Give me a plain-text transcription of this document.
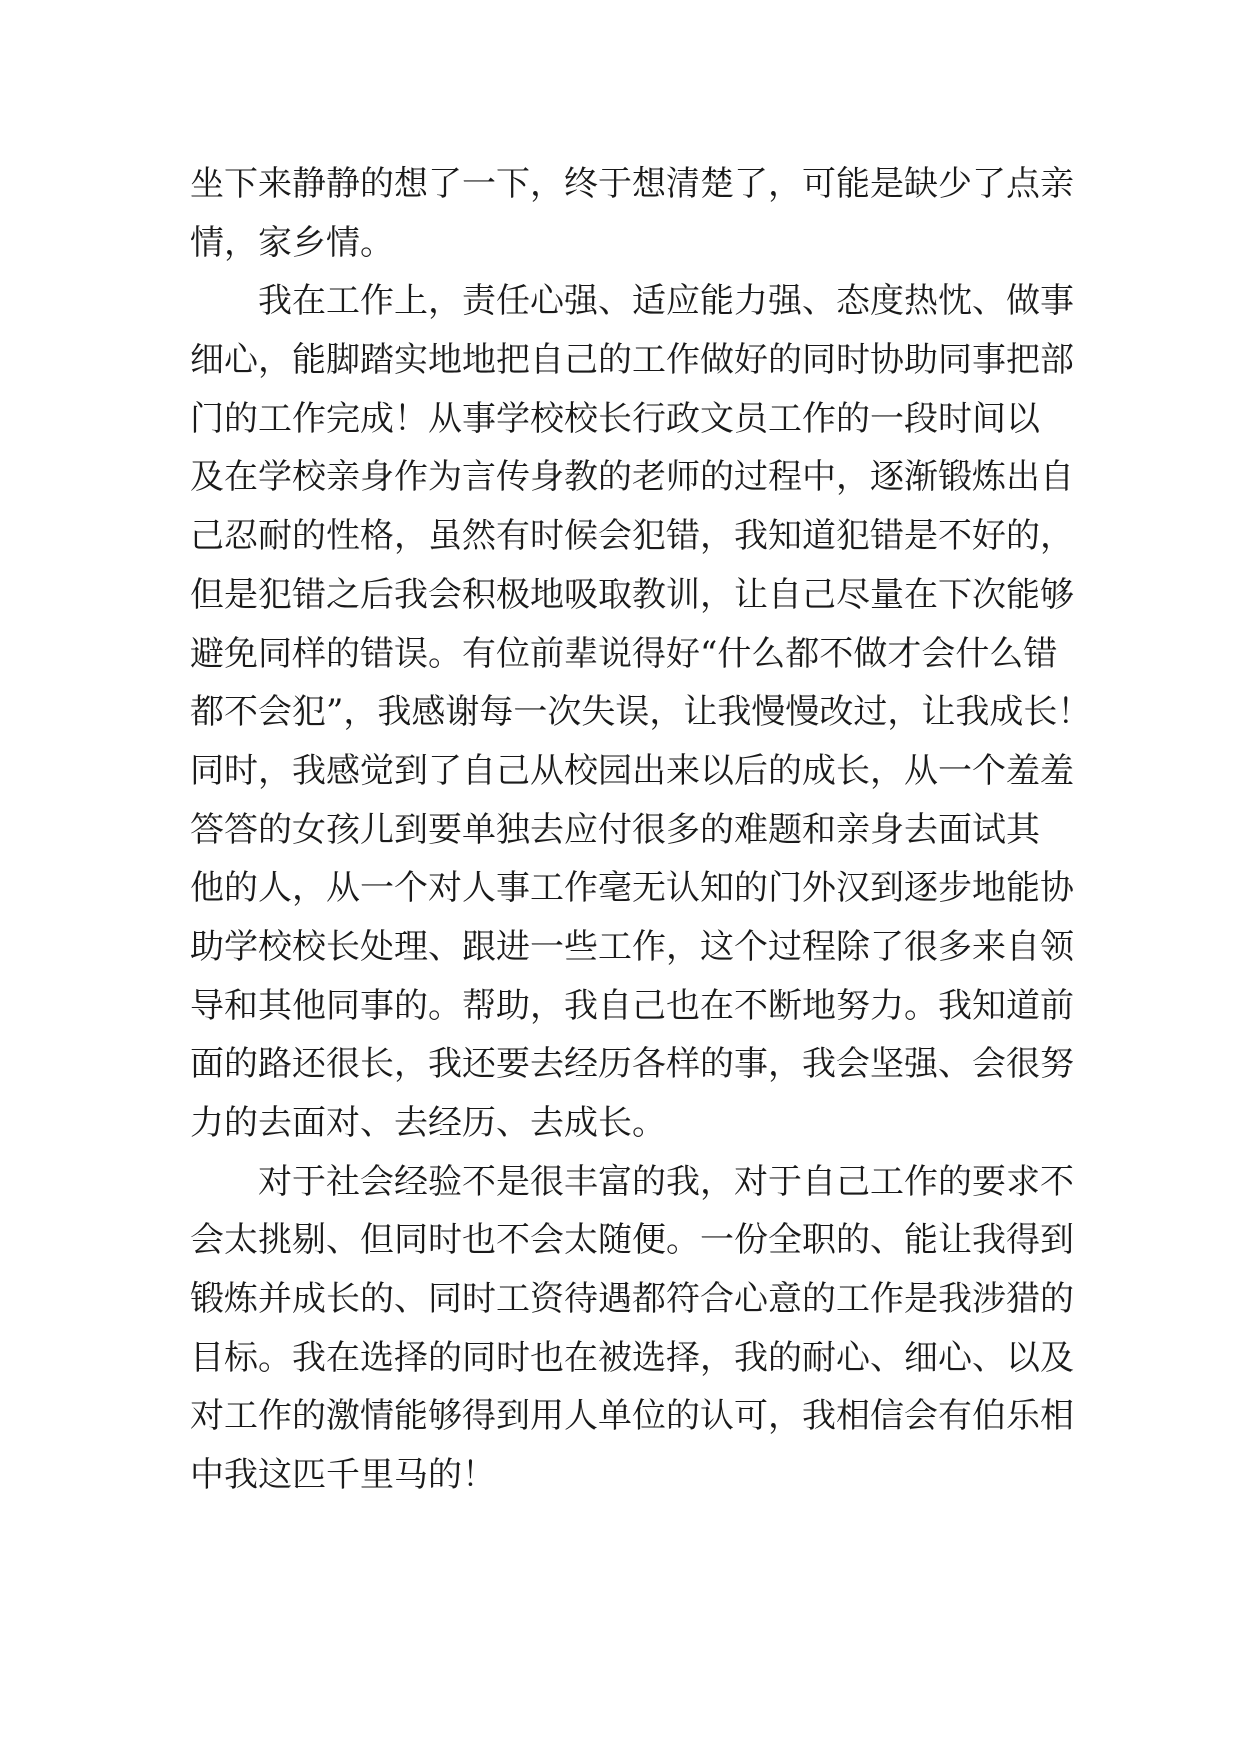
坐下来静静的想了一下，终于想清楚了，可能是缺少了点亲
情，家乡情。
我在工作上，责任心强、适应能力强、态度热忱、做事
细心，能脚踏实地地把自己的工作做好的同时协助同事把部
门的工作完成！从事学校校长行政文员工作的一段时间以
及在学校亲身作为言传身教的老师的过程中，逐渐锻炼出自
己忍耐的性格，虽然有时候会犯错，我知道犯错是不好的，
但是犯错之后我会积极地吸取教训，让自己尽量在下次能够
避免同样的错误。有位前辈说得好“什么都不做才会什么错
都不会犯”，我感谢每一次失误，让我慢慢改过，让我成长！
同时，我感觉到了自己从校园出来以后的成长，从一个羞羞
答答的女孩儿到要单独去应付很多的难题和亲身去面试其
他的人，从一个对人事工作毫无认知的门外汉到逐步地能协
助学校校长处理、跟进一些工作，这个过程除了很多来自领
导和其他同事的。帮助，我自己也在不断地努力。我知道前
面的路还很长，我还要去经历各样的事，我会坚强、会很努
力的去面对、去经历、去成长。
对于社会经验不是很丰富的我，对于自己工作的要求不
会太挑剔、但同时也不会太随便。一份全职的、能让我得到
锻炼并成长的、同时工资待遇都符合心意的工作是我涉猎的
目标。我在选择的同时也在被选择，我的耐心、细心、以及
对工作的激情能够得到用人单位的认可，我相信会有伯乐相
中我这匹千里马的！
